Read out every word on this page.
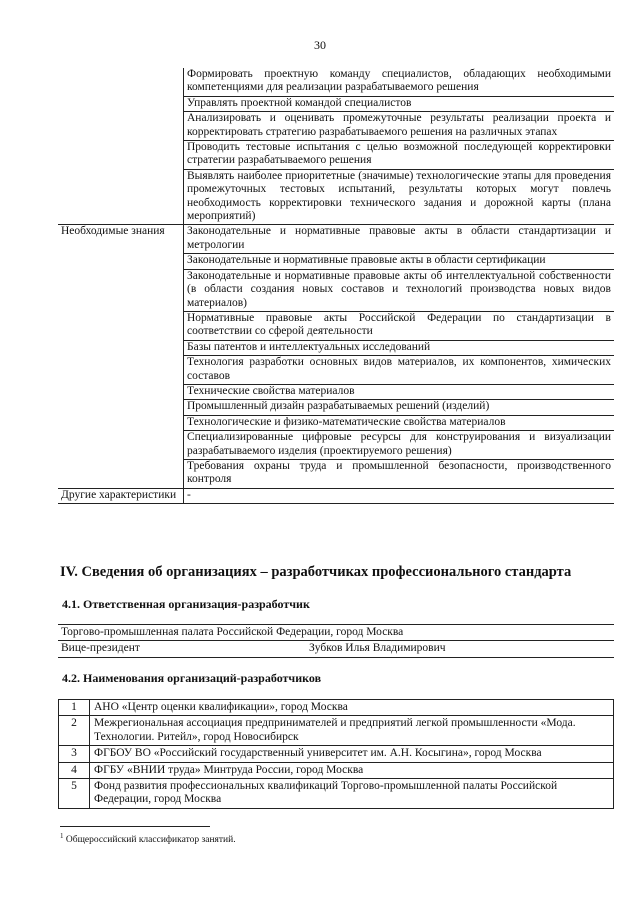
30
	Формировать проектную команду специалистов, обладающих необходимыми компетенциями для реализации разрабатываемого решения
	Управлять проектной командой специалистов
	Анализировать и оценивать промежуточные результаты реализации проекта и корректировать стратегию разрабатываемого решения на различных этапах
	Проводить тестовые испытания с целью возможной последующей корректировки стратегии разрабатываемого решения
	Выявлять наиболее приоритетные (значимые) технологические этапы для проведения промежуточных тестовых испытаний, результаты которых могут повлечь необходимость корректировки технического задания и дорожной карты (плана мероприятий)
Необходимые знания	Законодательные и нормативные правовые акты в области стандартизации и метрологии
	Законодательные и нормативные правовые акты в области сертификации
	Законодательные и нормативные правовые акты об интеллектуальной собственности (в области создания новых составов и технологий производства новых видов материалов)
	Нормативные правовые акты Российской Федерации по стандартизации в соответствии со сферой деятельности
	Базы патентов и интеллектуальных исследований
	Технология разработки основных видов материалов, их компонентов, химических составов
	Технические свойства материалов
	Промышленный дизайн разрабатываемых решений (изделий)
	Технологические и физико-математические свойства материалов
	Специализированные цифровые ресурсы для конструирования и визуализации разрабатываемого изделия (проектируемого решения)
	Требования охраны труда и промышленной безопасности, производственного контроля
Другие характеристики	-
IV. Сведения об организациях – разработчиках профессионального стандарта
4.1. Ответственная организация-разработчик
Торгово-промышленная палата Российской Федерации, город Москва
Вице-президент	Зубков Илья Владимирович
4.2. Наименования организаций-разработчиков
1	АНО «Центр оценки квалификации», город Москва
2	Межрегиональная ассоциация предпринимателей и предприятий легкой промышленности «Мода. Технологии. Ритейл», город Новосибирск
3	ФГБОУ ВО «Российский государственный университет им. А.Н. Косыгина», город Москва
4	ФГБУ «ВНИИ труда» Минтруда России, город Москва
5	Фонд развития профессиональных квалификаций Торгово-промышленной палаты Российской Федерации, город Москва
$^1$ Общероссийский классификатор занятий.
